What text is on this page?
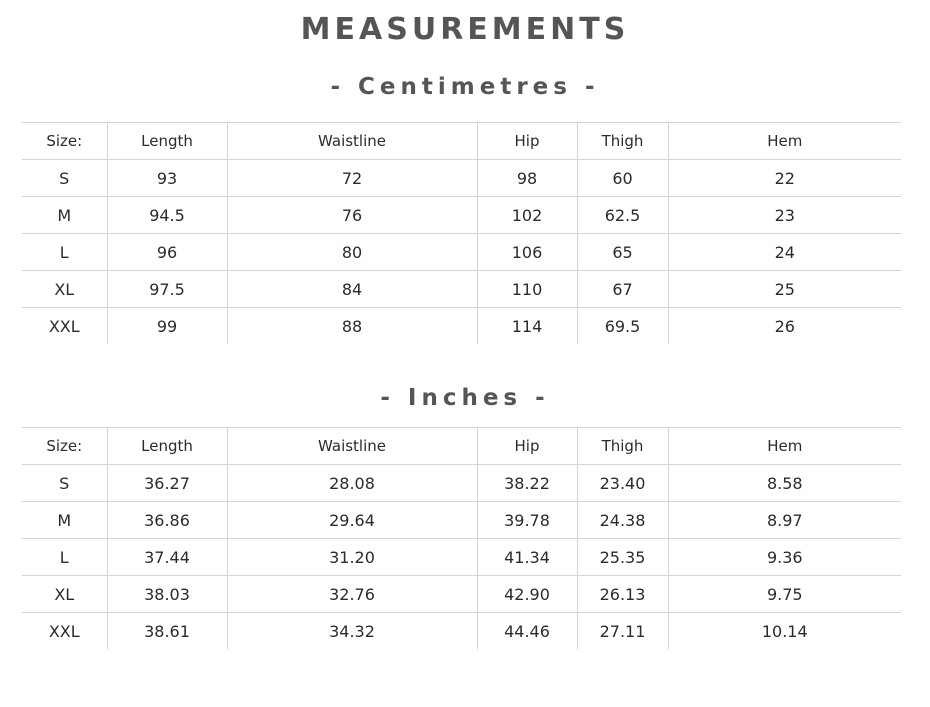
MEASUREMENTS
- Centimetres -
Size:	Length	Waistline	Hip	Thigh	Hem
S	93	72	98	60	22
M	94.5	76	102	62.5	23
L	96	80	106	65	24
XL	97.5	84	110	67	25
XXL	99	88	114	69.5	26
- Inches -
Size:	Length	Waistline	Hip	Thigh	Hem
S	36.27	28.08	38.22	23.40	8.58
M	36.86	29.64	39.78	24.38	8.97
L	37.44	31.20	41.34	25.35	9.36
XL	38.03	32.76	42.90	26.13	9.75
XXL	38.61	34.32	44.46	27.11	10.14
